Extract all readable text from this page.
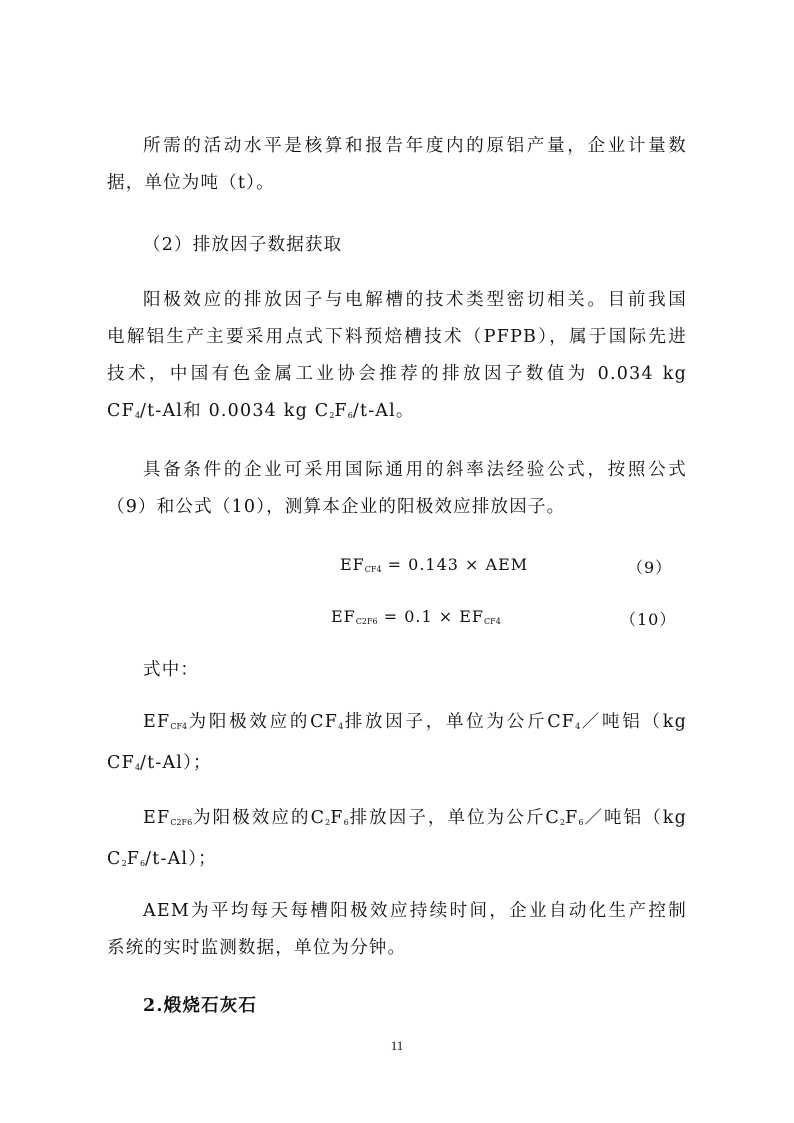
所需的活动水平是核算和报告年度内的原铝产量，企业计量数
据，单位为吨（t）。

（2）排放因子数据获取

阳极效应的排放因子与电解槽的技术类型密切相关。目前我国
电解铝生产主要采用点式下料预焙槽技术（PFPB），属于国际先进
技术，中国有色金属工业协会推荐的排放因子数值为 0.034 kg
$CF_4/t-Al$和 0.0034 kg $C_2F_6/t-Al$。

具备条件的企业可采用国际通用的斜率法经验公式，按照公式
（9）和公式（10），测算本企业的阳极效应排放因子。

$EF_{CF4} = 0.143$ × AEM	（9）
$EF_{C2F6} = 0.1 \times EF_{CF4}$	（10）

式中：

$EF_{CF4}$为阳极效应的$CF_4$排放因子，单位为公斤$CF_4/$吨铝（kg
$CF_4/t-Al$）；

$EF_{C2F6}$为阳极效应的$C_2F_6$排放因子，单位为公斤$C_2F_6/$吨铝（kg
$C_2F_6/t-Al$）；

AEM为平均每天每槽阳极效应持续时间，企业自动化生产控制
系统的实时监测数据，单位为分钟。

2.煅烧石灰石

11
